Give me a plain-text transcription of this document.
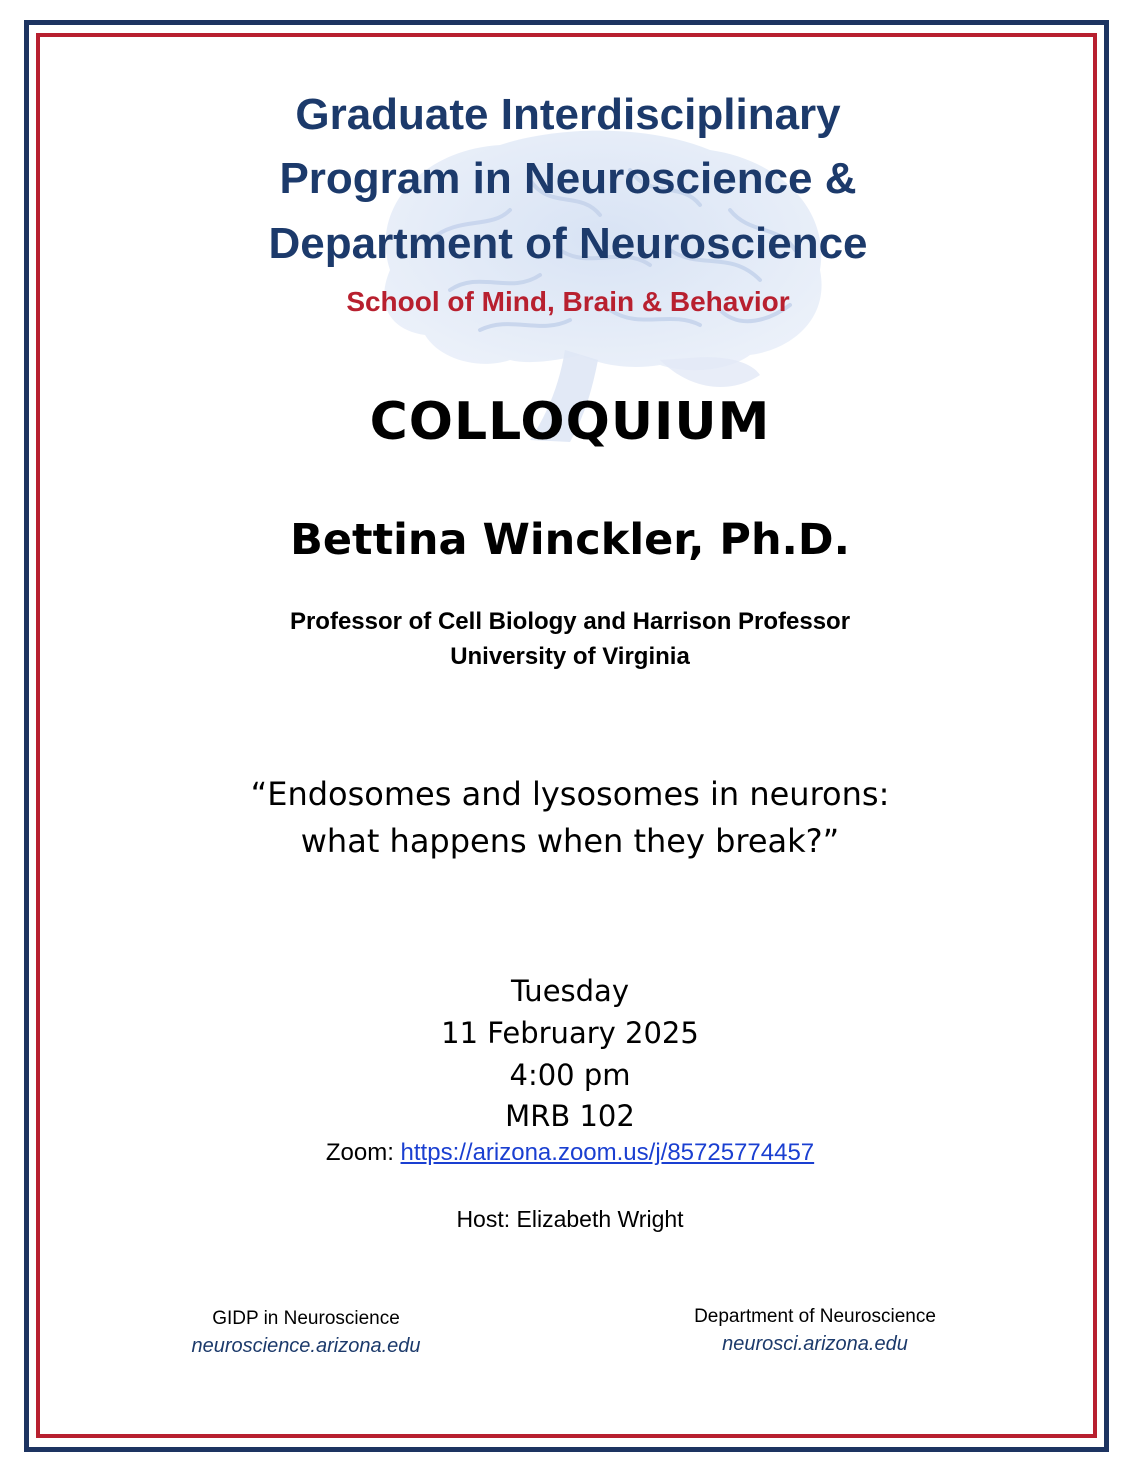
Graduate Interdisciplinary
Program in Neuroscience &
Department of Neuroscience
School of Mind, Brain & Behavior
COLLOQUIUM
Bettina Winckler, Ph.D.
Professor of Cell Biology and Harrison Professor
University of Virginia
“Endosomes and lysosomes in neurons:
what happens when they break?”
Tuesday
11 February 2025
4:00 pm
MRB 102
Zoom: https://arizona.zoom.us/j/85725774457
Host: Elizabeth Wright
GIDP in Neuroscience
neuroscience.arizona.edu
Department of Neuroscience
neurosci.arizona.edu
